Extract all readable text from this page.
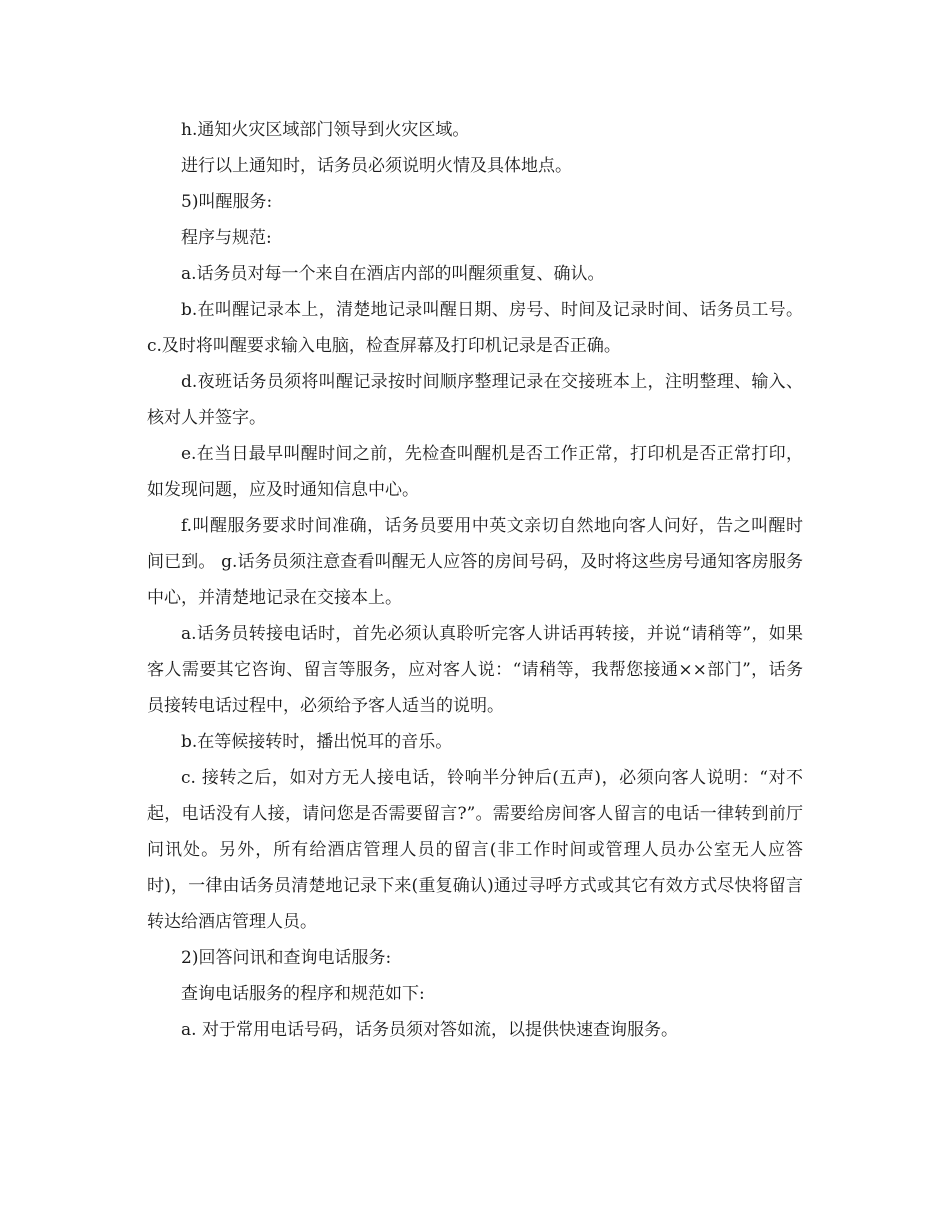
h.通知火灾区域部门领导到火灾区域。

进行以上通知时，话务员必须说明火情及具体地点。

5)叫醒服务:

程序与规范:

a.话务员对每一个来自在酒店内部的叫醒须重复、确认。

b.在叫醒记录本上，清楚地记录叫醒日期、房号、时间及记录时间、话务员工号。 c.及时将叫醒要求输入电脑，检查屏幕及打印机记录是否正确。

d.夜班话务员须将叫醒记录按时间顺序整理记录在交接班本上，注明整理、输入、核对人并签字。

e.在当日最早叫醒时间之前，先检查叫醒机是否工作正常，打印机是否正常打印，如发现问题，应及时通知信息中心。

f.叫醒服务要求时间准确，话务员要用中英文亲切自然地向客人问好，告之叫醒时间已到。 g.话务员须注意查看叫醒无人应答的房间号码，及时将这些房号通知客房服务中心，并清楚地记录在交接本上。

a.话务员转接电话时，首先必须认真聆听完客人讲话再转接，并说“请稍等”，如果客人需要其它咨询、留言等服务，应对客人说：“请稍等，我帮您接通××部门”，话务员接转电话过程中，必须给予客人适当的说明。

b.在等候接转时，播出悦耳的音乐。

c. 接转之后，如对方无人接电话，铃响半分钟后(五声)，必须向客人说明：“对不起，电话没有人接，请问您是否需要留言?”。需要给房间客人留言的电话一律转到前厅问讯处。另外，所有给酒店管理人员的留言(非工作时间或管理人员办公室无人应答时)，一律由话务员清楚地记录下来(重复确认)通过寻呼方式或其它有效方式尽快将留言转达给酒店管理人员。

2)回答问讯和查询电话服务:

查询电话服务的程序和规范如下:

a. 对于常用电话号码，话务员须对答如流，以提供快速查询服务。
